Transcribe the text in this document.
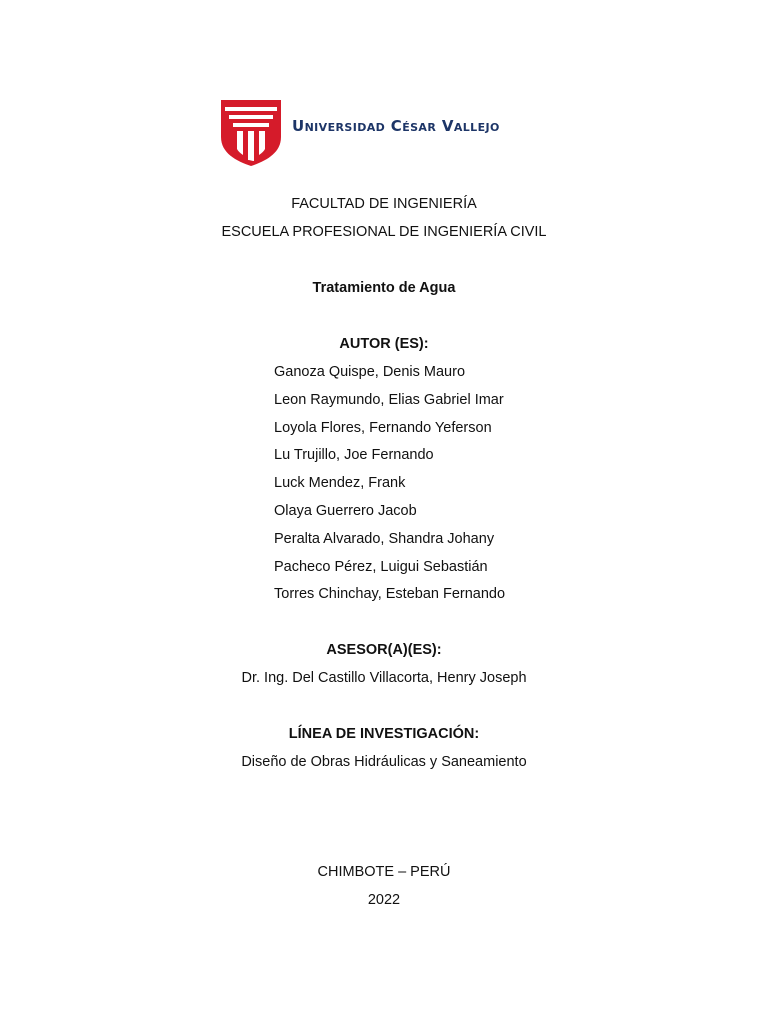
Universidad César Vallejo
FACULTAD DE INGENIERÍA
ESCUELA PROFESIONAL DE INGENIERÍA CIVIL
Tratamiento de Agua
AUTOR (ES):
Ganoza Quispe, Denis Mauro
Leon Raymundo, Elias Gabriel Imar
Loyola Flores, Fernando Yeferson
Lu Trujillo, Joe Fernando
Luck Mendez, Frank
Olaya Guerrero Jacob
Peralta Alvarado, Shandra Johany
Pacheco Pérez, Luigui Sebastián
Torres Chinchay, Esteban Fernando
ASESOR(A)(ES):
Dr. Ing. Del Castillo Villacorta, Henry Joseph
LÍNEA DE INVESTIGACIÓN:
Diseño de Obras Hidráulicas y Saneamiento
CHIMBOTE – PERÚ
2022
